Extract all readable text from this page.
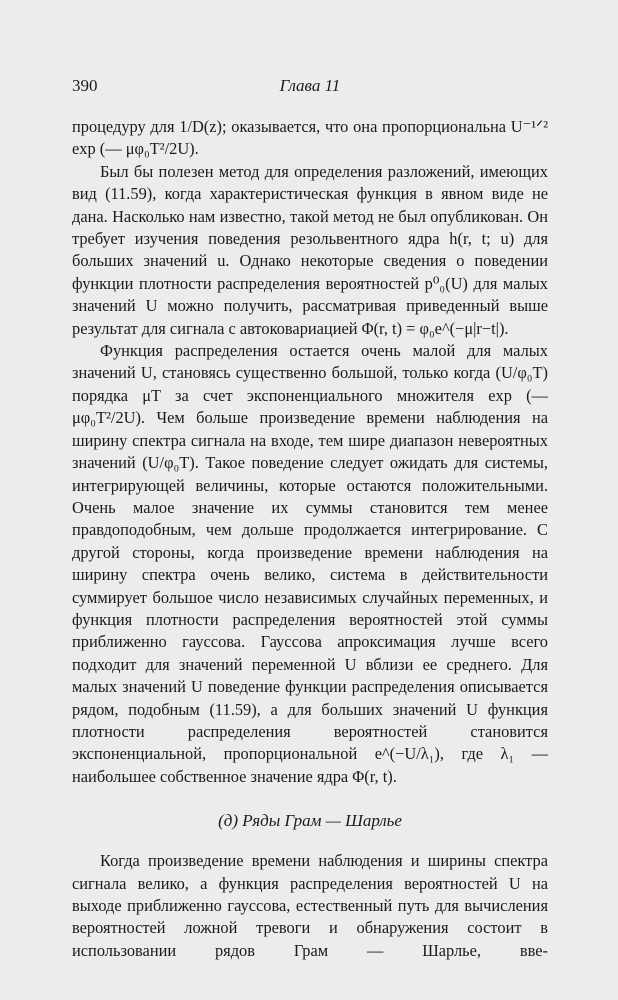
390	Глава 11

процедуру для 1/D(z); оказывается, что она пропорциональна U⁻¹ᐟ² exp (— μφ₀T²/2U).

Был бы полезен метод для определения разложений, имеющих вид (11.59), когда характеристическая функция в явном виде не дана. Насколько нам известно, такой метод не был опубликован. Он требует изучения поведения резольвентного ядра h(r, t; u) для больших значений u. Однако некоторые сведения о поведении функции плотности распределения вероятностей p⁰₀(U) для малых значений U можно получить, рассматривая приведенный выше результат для сигнала с автоковариацией Φ(r, t) = φ₀e^(−μ|r−t|).

Функция распределения остается очень малой для малых значений U, становясь существенно большой, только когда (U/φ₀T) порядка μT за счет экспоненциального множителя exp (— μφ₀T²/2U). Чем больше произведение времени наблюдения на ширину спектра сигнала на входе, тем шире диапазон невероятных значений (U/φ₀T). Такое поведение следует ожидать для системы, интегрирующей величины, которые остаются положительными. Очень малое значение их суммы становится тем менее правдоподобным, чем дольше продолжается интегрирование. С другой стороны, когда произведение времени наблюдения на ширину спектра очень велико, система в действительности суммирует большое число независимых случайных переменных, и функция плотности распределения вероятностей этой суммы приближенно гауссова. Гауссова апроксимация лучше всего подходит для значений переменной U вблизи ее среднего. Для малых значений U поведение функции распределения описывается рядом, подобным (11.59), а для больших значений U функция плотности распределения вероятностей становится экспоненциальной, пропорциональной e^(−U/λ₁), где λ₁ — наибольшее собственное значение ядра Φ(r, t).

(д) Ряды Грам — Шарлье

Когда произведение времени наблюдения и ширины спектра сигнала велико, а функция распределения вероятностей U на выходе приближенно гауссова, естественный путь для вычисления вероятностей ложной тревоги и обнаружения состоит в использовании рядов Грам — Шарлье, вве-
